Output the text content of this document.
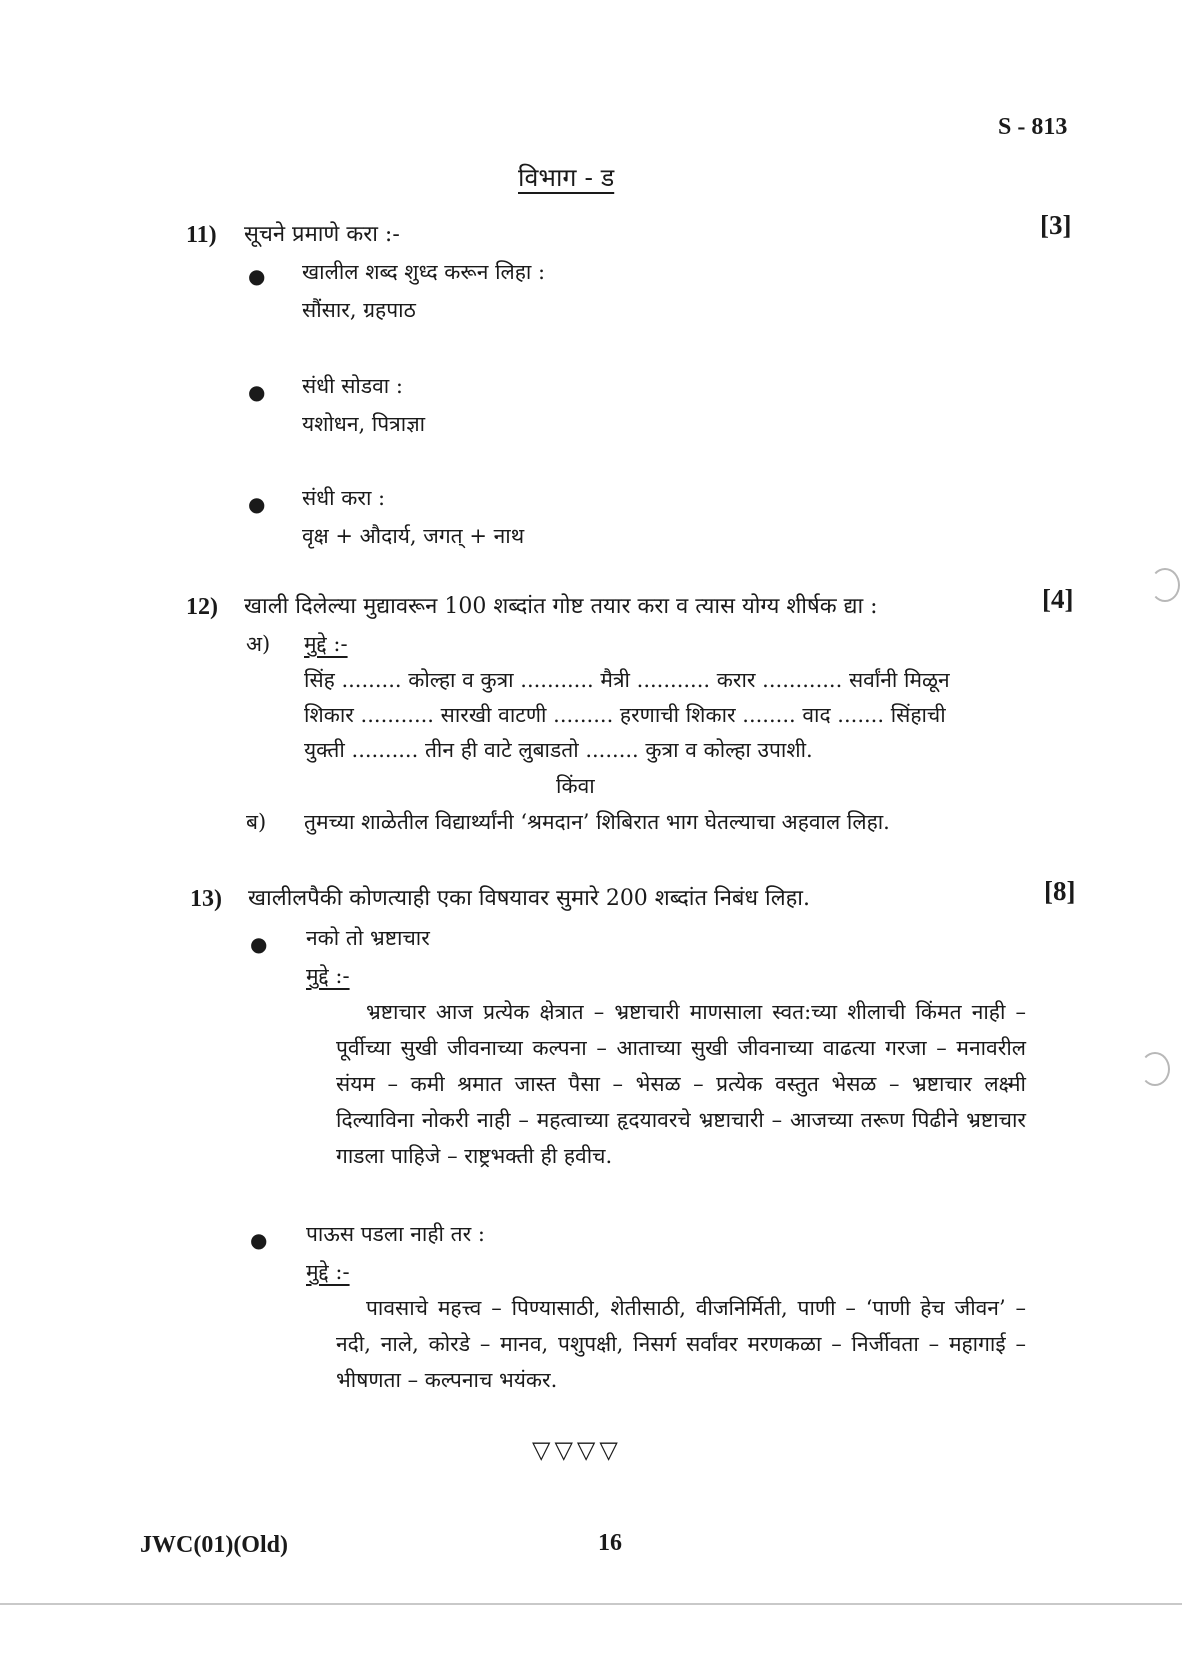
S - 813
विभाग - ड
11) सूचने प्रमाणे करा :-	[3]
● खालील शब्द शुध्द करून लिहा :
सौंसार, ग्रहपाठ
● संधी सोडवा :
यशोधन, पित्राज्ञा
● संधी करा :
वृक्ष + औदार्य, जगत् + नाथ
12) खाली दिलेल्या मुद्यावरून 100 शब्दांत गोष्ट तयार करा व त्यास योग्य शीर्षक द्या :	[4]
अ) मुद्दे :-
सिंह ......... कोल्हा व कुत्रा ........... मैत्री ........... करार ............ सर्वांनी मिळून
शिकार ........... सारखी वाटणी ......... हरणाची शिकार ........ वाद ....... सिंहाची
युक्ती .......... तीन ही वाटे लुबाडतो ........ कुत्रा व कोल्हा उपाशी.
किंवा
ब) तुमच्या शाळेतील विद्यार्थ्यांनी ‘श्रमदान’ शिबिरात भाग घेतल्याचा अहवाल लिहा.
13) खालीलपैकी कोणत्याही एका विषयावर सुमारे 200 शब्दांत निबंध लिहा.	[8]
● नको तो भ्रष्टाचार
मुद्दे :-
भ्रष्टाचार आज प्रत्येक क्षेत्रात – भ्रष्टाचारी माणसाला स्वत:च्या शीलाची किंमत नाही – पूर्वीच्या सुखी जीवनाच्या कल्पना – आताच्या सुखी जीवनाच्या वाढत्या गरजा – मनावरील संयम – कमी श्रमात जास्त पैसा – भेसळ – प्रत्येक वस्तुत भेसळ – भ्रष्टाचार लक्ष्मी दिल्याविना नोकरी नाही – महत्वाच्या हृदयावरचे भ्रष्टाचारी – आजच्या तरूण पिढीने भ्रष्टाचार गाडला पाहिजे – राष्ट्रभक्ती ही हवीच.
● पाऊस पडला नाही तर :
मुद्दे :-
पावसाचे महत्त्व – पिण्यासाठी, शेतीसाठी, वीजनिर्मिती, पाणी – ‘पाणी हेच जीवन’ – नदी, नाले, कोरडे – मानव, पशुपक्षी, निसर्ग सर्वांवर मरणकळा – निर्जीवता – महागाई – भीषणता – कल्पनाच भयंकर.
▽▽▽▽
JWC(01)(Old)	16
